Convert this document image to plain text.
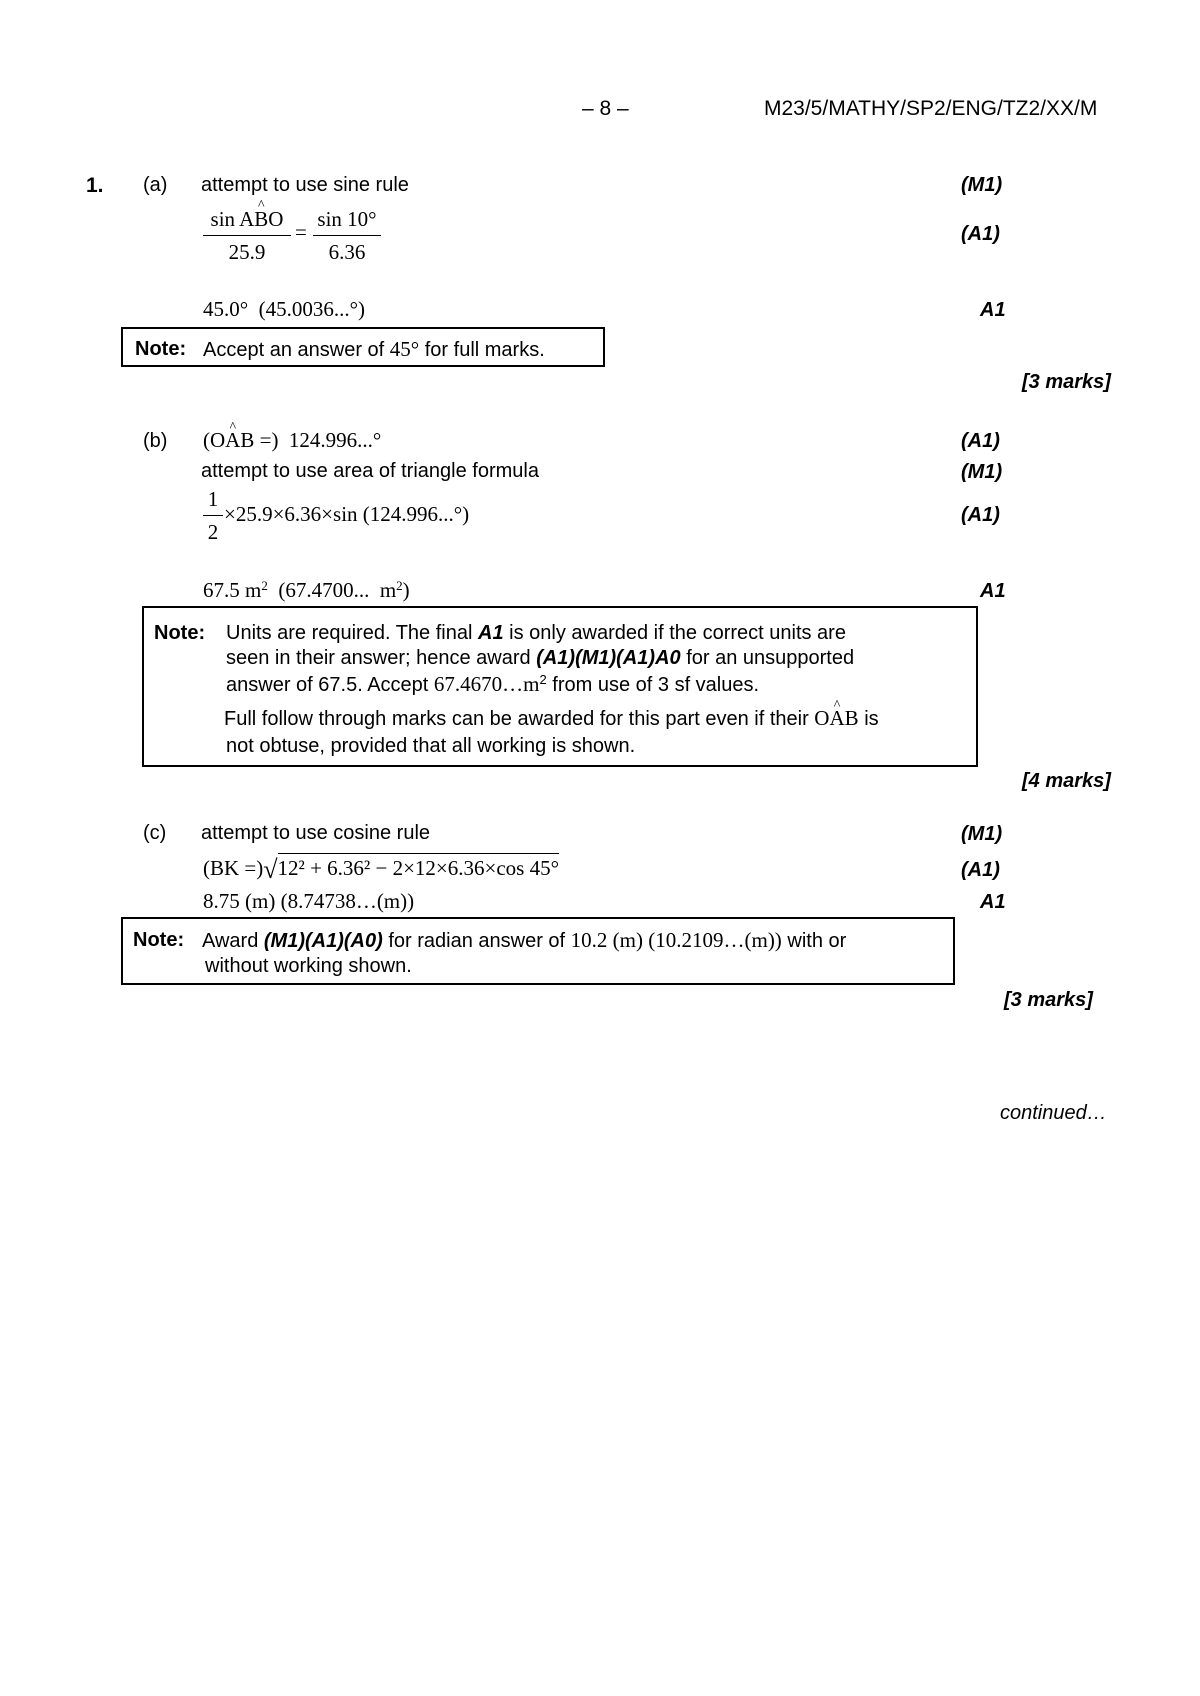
– 8 –	M23/5/MATHY/SP2/ENG/TZ2/XX/M
1. (a) attempt to use sine rule	(M1)
sin A^ BO
25.9
=
sin 10°
6.36
(A1)
45.0°  (45.0036...°)	A1
Note: Accept an answer of 45° for full marks.
[3 marks]
(b) (O^ AB =)  124.996...°	(A1)
attempt to use area of triangle formula	(M1)
1
2
×25.9×6.36×sin (124.996...°)	(A1)
67.5 $m^2$ (67.4700...  $m^2$)	A1
Note: Units are required. The final A1 is only awarded if the correct units are
seen in their answer; hence award (A1)(M1)(A1)A0 for an unsupported
answer of 67.5. Accept $67.4670\dots m^2$ from use of 3 sf values.
Full follow through marks can be awarded for this part even if their O^ AB is
not obtuse, provided that all working is shown.
[4 marks]
(c) attempt to use cosine rule	(M1)
(BK =)√12² + 6.36² − 2×12×6.36×cos 45°	(A1)
8.75 (m) (8.74738…(m))	A1
Note: Award (M1)(A1)(A0) for radian answer of 10.2 (m) (10.2109…(m)) with or
without working shown.
[3 marks]
continued…
